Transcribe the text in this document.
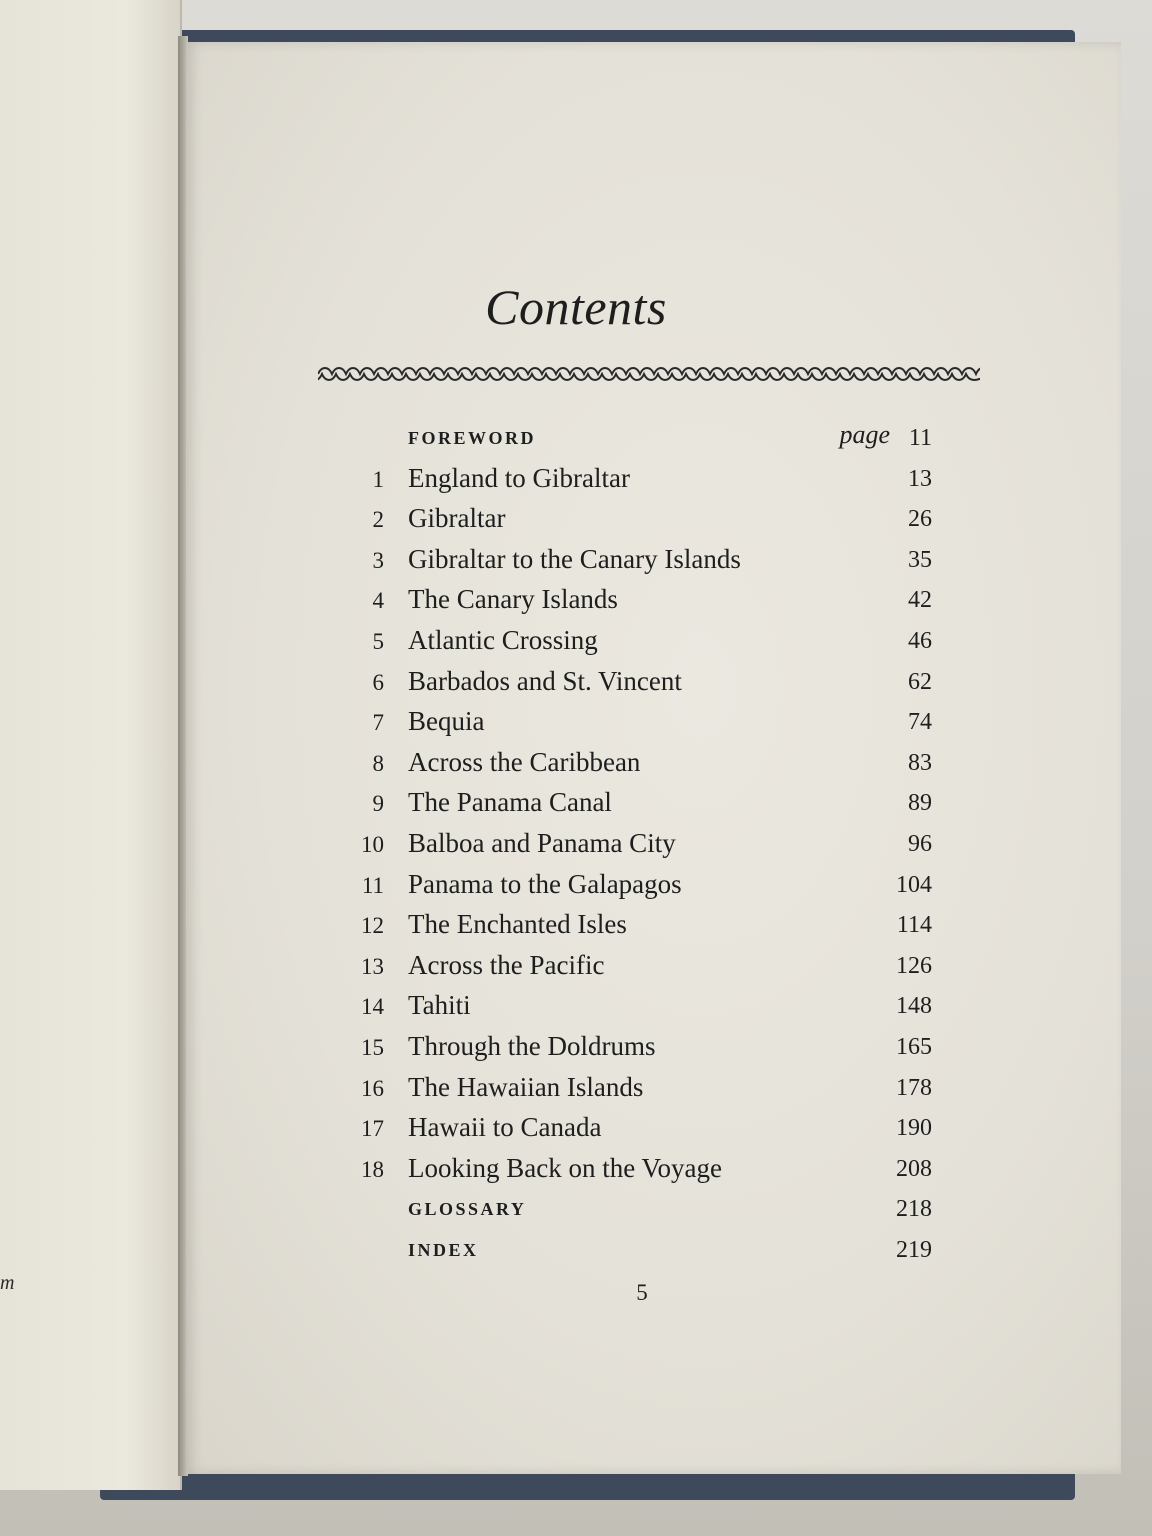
m
Contents
FOREWORD	page 11
1 England to Gibraltar	13
2 Gibraltar	26
3 Gibraltar to the Canary Islands	35
4 The Canary Islands	42
5 Atlantic Crossing	46
6 Barbados and St. Vincent	62
7 Bequia	74
8 Across the Caribbean	83
9 The Panama Canal	89
10 Balboa and Panama City	96
11 Panama to the Galapagos	104
12 The Enchanted Isles	114
13 Across the Pacific	126
14 Tahiti	148
15 Through the Doldrums	165
16 The Hawaiian Islands	178
17 Hawaii to Canada	190
18 Looking Back on the Voyage	208
GLOSSARY	218
INDEX	219
5
